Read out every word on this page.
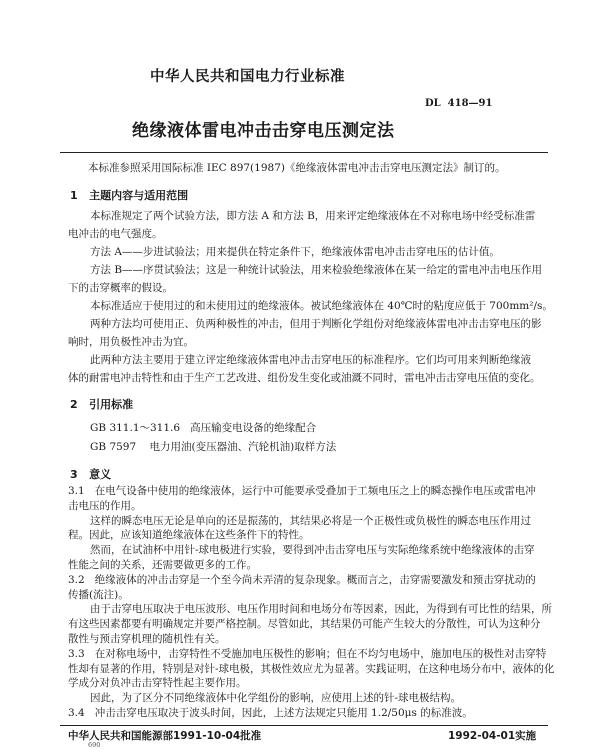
中华人民共和国电力行业标准
DL  418—91
绝缘液体雷电冲击击穿电压测定法

本标准参照采用国际标准 IEC 897(1987)《绝缘液体雷电冲击击穿电压测定法》制订的。

1   主题内容与适用范围

本标准规定了两个试验方法，即方法 A 和方法 B，用来评定绝缘液体在不对称电场中经受标准雷

电冲击的电气强度。

方法 A——步进试验法；用来提供在特定条件下，绝缘液体雷电冲击击穿电压的估计值。

方法 B——序贯试验法；这是一种统计试验法，用来检验绝缘液体在某一给定的雷电冲击电压作用

下的击穿概率的假设。

本标准适应于使用过的和未使用过的绝缘液体。被试绝缘液体在 40℃时的粘度应低于 700mm²/s。

两种方法均可使用正、负两种极性的冲击，但用于判断化学组份对绝缘液体雷电冲击击穿电压的影

响时，用负极性冲击为宜。

此两种方法主要用于建立评定绝缘液体雷电冲击击穿电压的标准程序。它们均可用来判断绝缘液

体的耐雷电冲击特性和由于生产工艺改进、组份发生变化或油溉不同时，雷电冲击击穿电压值的变化。

2   引用标准

GB 311.1～311.6   高压输变电设备的绝缘配合

GB 7597    电力用油(变压器油、汽轮机油)取样方法

3   意义

3.1   在电气设备中使用的绝缘液体，运行中可能要承受叠加于工频电压之上的瞬态操作电压或雷电冲

击电压的作用。

这样的瞬态电压无论是单向的还是振荡的，其结果必将是一个正极性或负极性的瞬态电压作用过

程。因此，应该知道绝缘液体在这些条件下的特性。

然而，在试油杯中用针-球电极进行实验，要得到冲击击穿电压与实际绝缘系统中绝缘液体的击穿

性能之间的关系，还需要做更多的工作。

3.2   绝缘液体的冲击击穿是一个至今尚未弄清的复杂现象。概而言之，击穿需要激发和预击穿扰动的

传播(流注)。

由于击穿电压取决于电压波形、电压作用时间和电场分布等因素，因此，为得到有可比性的结果，所

有这些因素都要有明确规定并要严格控制。尽管如此，其结果仍可能产生较大的分散性，可认为这种分

散性与预击穿机理的随机性有关。

3.3   在对称电场中，击穿特性不受施加电压极性的影响；但在不均匀电场中，施加电压的极性对击穿特

性却有显著的作用，特别是对针-球电极，其极性效应尤为显著。实践证明，在这种电场分布中，液体的化

学成分对负冲击击穿特性起主要作用。

因此，为了区分不同绝缘液体中化学组份的影响，应使用上述的针-球电极结构。

3.4   冲击击穿电压取决于波头时间，因此，上述方法规定只能用 1.2/50μs 的标准波。

中华人民共和国能源部1991-10-04批准	1992-04-01实施
690
